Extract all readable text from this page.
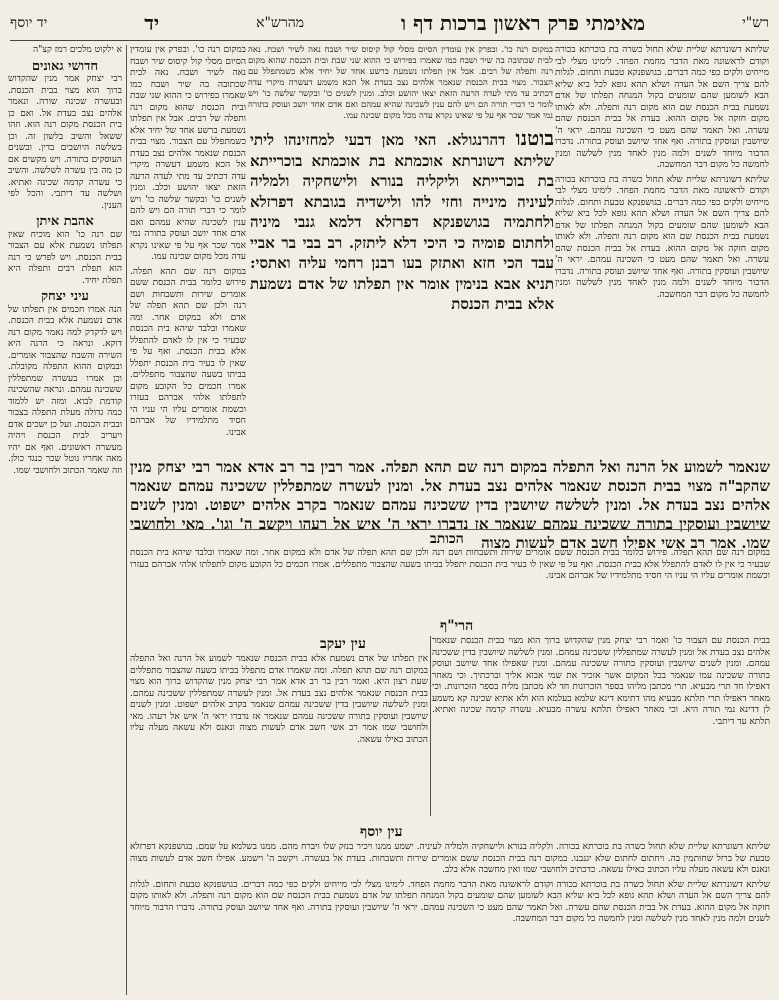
רש"י
מאימתי פרק ראשון ברכות דף ו
מהרש"א
יד
יד יוסף

שליתא דשונרתא שליית שלא תחול כשרה בת בוכרתא בכורה וקודם לראשונה מאת הדבר מחמת הפחד. לימינו מצלי לבי מייחיט ולקים כפי כמה דברים. בגושפנקא טבעת ותחום. לגלות להם צריך השם אל העדה ושלא תהא גופא לכל ביא שליא הבא לשומען שהם שומעים בקול המנחה תפלתו של אדם נשמעת בבית הכנסת שם הוא מקום רנה ותפלה. ולא לאותו מקום חזקה אל מקום ההוא. בעדת אל בבית הכנסת שהם עשרה. ואל תאמר שהם מעט כי השכינה עמהם. יראי ה' שיושבין ועוסקין בתורה. ואף אחד שיושב ועוסק בתורה. נדברו הדבור מיוחד לשנים ולמה מנין לאחד מנין לשלשה ומנין לחמשה כל מקום דבר המחשבה.

שליתא דשונרתא שליית שלא תחול כשרה בת בוכרתא בכורה וקודם לראשונה מאת הדבר מחמת הפחד. לימינו מצלי לבי מייחיט ולקים כפי כמה דברים. בגושפנקא טבעת ותחום. לגלות להם צריך השם אל העדה ושלא תהא גופא לכל ביא שליא הבא לשומען שהם שומעים בקול המנחה תפלתו של אדם נשמעת בבית הכנסת שם הוא מקום רנה ותפלה. ולא לאותו מקום חזקה אל מקום ההוא. בעדת אל בבית הכנסת שהם עשרה. ואל תאמר שהם מעט כי השכינה עמהם. יראי ה' שיושבין ועוסקין בתורה. ואף אחד שיושב ועוסק בתורה. נדברו הדבור מיוחד לשנים ולמה מנין לאחד מנין לשלשה ומנין לחמשה כל מקום דבר המחשבה.

במקום רנה כו'. ובפרק אין עומדין הסיום מסלי קול קיסוס שיר ושבח נאה לשיר ושבח. נאה לבית שכתובה בה שיר ושבח כמו שאמרו בפירוש כי ההוא שני שבת ובית הכנסת שהוא מקום רנה ותפלה של רבים. אבל אין תפלתו נשמעת ברשע אחד של יחיד אלא כשמתפלל עם הצבור. מצוי בבית הכנסת שנאמר אלהים נצב בעדת אל הכא משמע דעשרה מיקרי עדה דכתיב עד מתי לעדה הרעה הזאת יצאו יהושע וכלב. ומנין לשנים כו' ובקשר שלשה כו' ויש לומר כי דברי תורה הם ויש להם ענין לשכינה שהיא עמהם ואם אדם אחד יושב ועוסק בתורה נמי אמר שכר אף על פי שאינו נקרא עדה מכל מקום שכינה עמו.

בוטנו דהרנגולא. האי מאן דבעי למחזינהו ליתי שליתא דשונרתא אוכמתא בת אוכמתא בוכרייתא בת בוכרייתא וליקליה בנורא ולישחקיה ולמליה לעיניה מינייה וחזי להו ולישדיה בגובתא דפרזלא ולחתמיה בגושפנקא דפרזלא דלמא גנבי מיניה ולחתום פומיה כי היכי דלא ליתזק. רב בבי בר אביי עבד הכי חזא ואתזק בעו רבנן רחמי עליה ואתסי: תניא אבא בנימין אומר אין תפלתו של אדם נשמעת אלא בבית הכנסת

במקום רנה כו'. ובפרק אין עומדין הסיום מסלי קול קיסוס שיר ושבח נאה לשיר ושבח. נאה לבית שכתובה בה שיר ושבח כמו שאמרו בפירוש כי ההוא שני שבת ובית הכנסת שהוא מקום רנה ותפלה של רבים. אבל אין תפלתו נשמעת ברשע אחד של יחיד אלא כשמתפלל עם הצבור. מצוי בבית הכנסת שנאמר אלהים נצב בעדת אל הכא משמע דעשרה מיקרי עדה דכתיב עד מתי לעדה הרעה הזאת יצאו יהושע וכלב. ומנין לשנים כו' ובקשר שלשה כו' ויש לומר כי דברי תורה הם ויש להם ענין לשכינה שהיא עמהם ואם אדם אחד יושב ועוסק בתורה נמי אמר שכר אף על פי שאינו נקרא עדה מכל מקום שכינה עמו.

במקום רנה שם תהא תפלה. פירוש כלומר בבית הכנסת ששם אומרים שירות ותשבחות ושם רנה ולכן שם תהא תפלה של אדם ולא במקום אחר. ומה שאמרו ובלבד שיהא בית הכנסת שבעיר כי אין לו לאדם להתפלל אלא בבית הכנסת. ואף על פי שאין לו בעיר בית הכנסת יתפלל בביתו בשעה שהצבור מתפללים. אמרו חכמים כל הקובע מקום לתפלתו אלהי אברהם בעזרו וכשמת אומרים עליו הי עניו הי חסיד מתלמידיו של אברהם אבינו.

שנאמר לשמוע אל הרנה ואל התפלה במקום רנה שם תהא תפלה. אמר רבין בר רב אדא אמר רבי יצחק מנין שהקב"ה מצוי בבית הכנסת שנאמר אלהים נצב בעדת אל. ומנין לעשרה שמתפללין ששכינה עמהם שנאמר אלהים נצב בעדת אל. ומנין לשלשה שיושבין בדין ששכינה עמהם שנאמר בקרב אלהים ישפוט. ומנין לשנים שיושבין ועוסקין בתורה ששכינה עמהם שנאמר אז נדברו יראי ה' איש אל רעהו ויקשב ה' וגו'. מאי ולחושבי שמו. אמר רב אשי אפילו חשב אדם לעשות מצוה

הכותב

במקום רנה שם תהא תפלה. פירוש כלומר בבית הכנסת ששם אומרים שירות ותשבחות ושם רנה ולכן שם תהא תפלה של אדם ולא במקום אחר. ומה שאמרו ובלבד שיהא בית הכנסת שבעיר כי אין לו לאדם להתפלל אלא בבית הכנסת. ואף על פי שאין לו בעיר בית הכנסת יתפלל בביתו בשעה שהצבור מתפללים. אמרו חכמים כל הקובע מקום לתפלתו אלהי אברהם בעזרו וכשמת אומרים עליו הי עניו הי חסיד מתלמידיו של אברהם אבינו.

הרי"ף

בבית הכנסת עם הצבור כו' ואמר רבי יצחק מנין שהקדוש ברוך הוא מצוי בבית הכנסת שנאמר אלהים נצב בעדת אל ומנין לעשרה שמתפללין ששכינה עמהם. ומנין לשלשה שיושבין בדין ששכינה עמהם. ומנין לשנים שיושבין ועוסקין בתורה ששכינה עמהם. ומנין שאפילו אחד שיושב ועוסק בתורה ששכינה עמו שנאמר בכל המקום אשר אזכיר את שמי אבוא אליך וברכתיך. וכי מאחר דאפילו חד תרי מבעיא. תרי מכתבן מליהו בספר הזכרונות חד לא מכתבן מליה בספר הזכרונות. וכי מאחר דאפילו תרי תלתא מבעיא מהו דתימא דינא שלמא בעלמא הוא ולא אתיא שכינה קא משמע לן דדינא נמי תורה היא. וכי מאחר דאפילו תלתא עשרה מבעיא. עשרה קדמה שכינה ואתיא. תלתא עד דיתבי.

עין יעקב

אין תפלתו של אדם נשמעת אלא בבית הכנסת שנאמר לשמוע אל הרנה ואל התפלה במקום רנה שם תהא תפלה. ומה שאמרו אדם מתפלל בביתו בשעה שהצבור מתפללים שעת רצון היא. ואמר רבין בר רב אדא אמר רבי יצחק מנין שהקדוש ברוך הוא מצוי בבית הכנסת שנאמר אלהים נצב בעדת אל. ומנין לעשרה שמתפללין ששכינה עמהם. ומנין לשלשה שיושבין בדין ששכינה עמהם שנאמר בקרב אלהים ישפוט. ומנין לשנים שיושבין ועוסקין בתורה ששכינה עמהם שנאמר אז נדברו יראי ה' איש אל רעהו. מאי ולחושבי שמו אמר רב אשי חשב אדם לעשות מצוה ונאנס ולא עשאה מעלה עליו הכתוב כאילו עשאה.

עין יוסף

שליתא דשונרתא שליית שלא תחול כשרה בת בוכרתא בכורה. ולקליה בנורא ולישחקיה ולמליה לעיניה. ישמע ממנו ויכיר בנזק שלו ויברח מהם. ממנו בשלמא על שמם. בגושפנקא דפרזלא טבעת של ברזל שחותמין בה. ויחתום לחתום שלא יגנבנו. במקום רנה בבית הכנסת ששם אומרים שירות ותשבחות. בעדת אל בעשרה. ויקשב ה' וישמע. אפילו חשב אדם לעשות מצוה ונאנס ולא עשאה מעלה עליו הכתוב כאילו עשאה. כדכתיב ולחושבי שמו ואין מחשבה אלא בלב.

שליתא דשונרתא שליית שלא תחול כשרה בת בוכרתא בכורה וקודם לראשונה מאת הדבר מחמת הפחד. לימינו מצלי לבי מייחיט ולקים כפי כמה דברים. בגושפנקא טבעת ותחום. לגלות להם צריך השם אל העדה ושלא תהא גופא לכל ביא שליא הבא לשומען שהם שומעים בקול המנחה תפלתו של אדם נשמעת בבית הכנסת שם הוא מקום רנה ותפלה. ולא לאותו מקום חזקה אל מקום ההוא. בעדת אל בבית הכנסת שהם עשרה. ואל תאמר שהם מעט כי השכינה עמהם. יראי ה' שיושבין ועוסקין בתורה. ואף אחד שיושב ועוסק בתורה. נדברו הדבור מיוחד לשנים ולמה מנין לאחד מנין לשלשה ומנין לחמשה כל מקום דבר המחשבה.

א ילקוט מלכים רמז קצ"ה

חדושי גאונים

רבי יצחק אמר מנין שהקדוש ברוך הוא מצוי בבית הכנסת. ובעשרה שכינה שורה. ונאמר אלהים נצב בעדת אל. ואם כן בית הכנסת מקום רנה הוא. וזהו ששאל והשיב בלשון זה. וכן בשלשה היושבים בדין. ובשנים העוסקים בתורה. ויש מקשים אם כן מה בין עשרה לשלשה. והשיב כי עשרה קדמה שכינה ואתיא. ושלשה עד דיתבי. והכל לפי הענין.

אהבת איתן

שם רנה כו' הוא מוכיח שאין תפלתו נשמעת אלא עם הצבור בבית הכנסת. ויש לפרש כי רנה הוא תפלת רבים ותפלה היא תפלת יחיד.

עיני יצחק

הנה אמרו חכמים אין תפלתו של אדם נשמעת אלא בבית הכנסת. ויש לדקדק למה נאמר מקום רנה דוקא. ונראה כי הרנה היא השירה והשבח שהצבור אומרים. ובמקום ההוא התפלה מקובלת. וכן אמרו בעשרה שמתפללין ששכינה עמהם. ונראה שהשכינה קודמת לבוא. ומזה יש ללמוד כמה גדולה מעלת התפלה בצבור ובבית הכנסת. ועל כן ישכים אדם ויעריב לבית הכנסת ויהיה מעשרה ראשונים. ואף אם יהיו מאה אחריו נוטל שכר כנגד כולן. וזה שאמר הכתוב ולחושבי שמו.
